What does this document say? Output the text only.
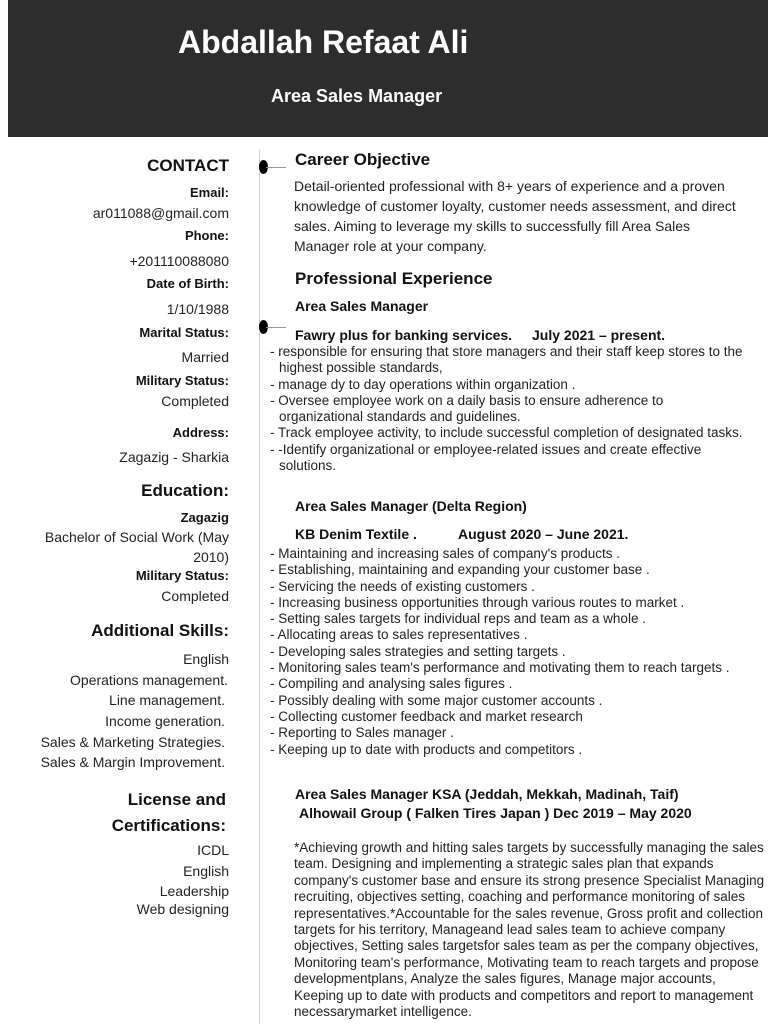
Abdallah Refaat Ali
Area Sales Manager
CONTACT
Email:
ar011088@gmail.com
Phone:
+201110088080
Date of Birth:
1/10/1988
Marital Status:
Married
Military Status:
Completed
Address:
Zagazig - Sharkia
Education:
Zagazig
Bachelor of Social Work (May
2010)
Military Status:
Completed
Additional Skills:
English
Operations management.
Line management.
Income generation.
Sales & Marketing Strategies.
Sales & Margin Improvement.
License and
Certifications:
ICDL
English
Leadership
Web designing
Career Objective
Detail-oriented professional with 8+ years of experience and a proven knowledge of customer loyalty, customer needs assessment, and direct sales. Aiming to leverage my skills to successfully fill Area Sales Manager role at your company.
Professional Experience
Area Sales Manager
Fawry plus for banking services. July 2021 – present.
- responsible for ensuring that store managers and their staff keep stores to the highest possible standards,
- manage dy to day operations within organization .
- Oversee employee work on a daily basis to ensure adherence to organizational standards and guidelines.
- Track employee activity, to include successful completion of designated tasks.
- -Identify organizational or employee-related issues and create effective solutions.
Area Sales Manager (Delta Region)
KB Denim Textile .	August 2020 – June 2021.
- Maintaining and increasing sales of company's products .
- Establishing, maintaining and expanding your customer base .
- Servicing the needs of existing customers .
- Increasing business opportunities through various routes to market .
- Setting sales targets for individual reps and team as a whole .
- Allocating areas to sales representatives .
- Developing sales strategies and setting targets .
- Monitoring sales team's performance and motivating them to reach targets .
- Compiling and analysing sales figures .
- Possibly dealing with some major customer accounts .
- Collecting customer feedback and market research
- Reporting to Sales manager .
- Keeping up to date with products and competitors .
Area Sales Manager KSA (Jeddah, Mekkah, Madinah, Taif)
Alhowail Group ( Falken Tires Japan ) Dec 2019 – May 2020
*Achieving growth and hitting sales targets by successfully managing the sales team. Designing and implementing a strategic sales plan that expands company's customer base and ensure its strong presence Specialist Managing recruiting, objectives setting, coaching and performance monitoring of sales representatives.*Accountable for the sales revenue, Gross profit and collection targets for his territory, Manageand lead sales team to achieve company objectives, Setting sales targetsfor sales team as per the company objectives, Monitoring team's performance, Motivating team to reach targets and propose developmentplans, Analyze the sales figures, Manage major accounts, Keeping up to date with products and competitors and report to management necessarymarket intelligence.
